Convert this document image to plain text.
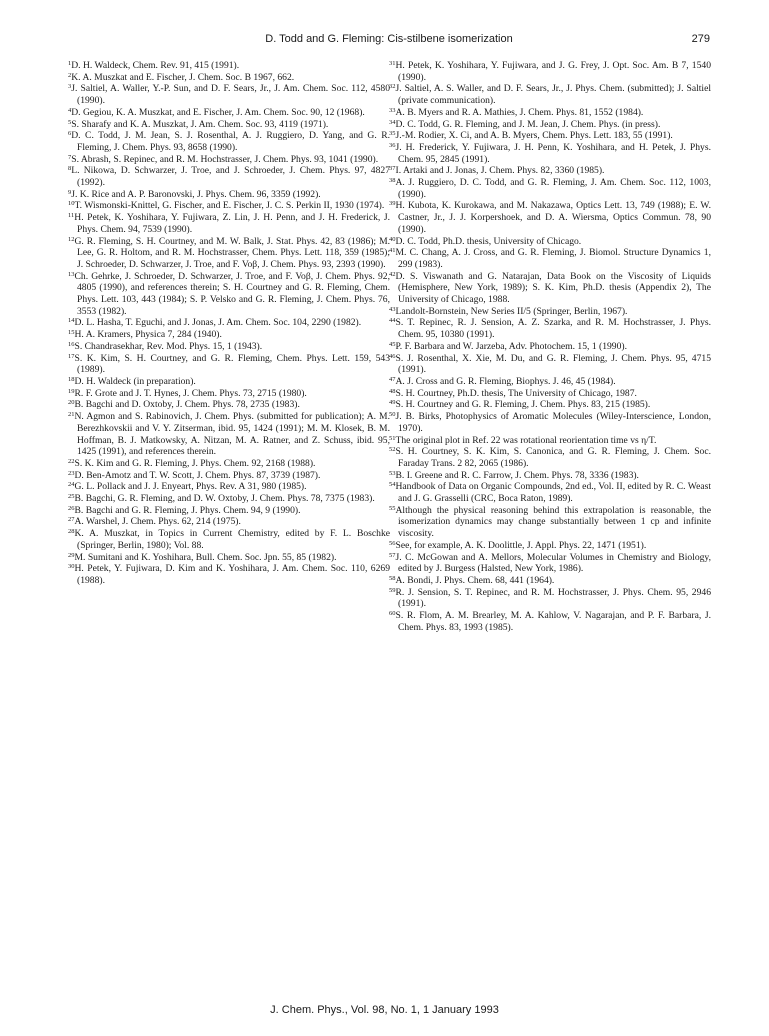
D. Todd and G. Fleming: Cis-stilbene isomerization	279
$^1$D. H. Waldeck, Chem. Rev. 91, 415 (1991).
$^2$K. A. Muszkat and E. Fischer, J. Chem. Soc. B 1967, 662.
$^3$J. Saltiel, A. Waller, Y.-P. Sun, and D. F. Sears, Jr., J. Am. Chem. Soc. 112, 4580 (1990).
$^4$D. Gegiou, K. A. Muszkat, and E. Fischer, J. Am. Chem. Soc. 90, 12 (1968).
$^5$S. Sharafy and K. A. Muszkat, J. Am. Chem. Soc. 93, 4119 (1971).
$^6$D. C. Todd, J. M. Jean, S. J. Rosenthal, A. J. Ruggiero, D. Yang, and G. R. Fleming, J. Chem. Phys. 93, 8658 (1990).
$^7$S. Abrash, S. Repinec, and R. M. Hochstrasser, J. Chem. Phys. 93, 1041 (1990).
$^8$L. Nikowa, D. Schwarzer, J. Troe, and J. Schroeder, J. Chem. Phys. 97, 4827 (1992).
$^9$J. K. Rice and A. P. Baronovski, J. Phys. Chem. 96, 3359 (1992).
$^{10}$T. Wismonski-Knittel, G. Fischer, and E. Fischer, J. C. S. Perkin II, 1930 (1974).
$^{11}$H. Petek, K. Yoshihara, Y. Fujiwara, Z. Lin, J. H. Penn, and J. H. Frederick, J. Phys. Chem. 94, 7539 (1990).
$^{12}$G. R. Fleming, S. H. Courtney, and M. W. Balk, J. Stat. Phys. 42, 83 (1986); M. Lee, G. R. Holtom, and R. M. Hochstrasser, Chem. Phys. Lett. 118, 359 (1985); J. Schroeder, D. Schwarzer, J. Troe, and F. Voβ, J. Chem. Phys. 93, 2393 (1990).
$^{13}$Ch. Gehrke, J. Schroeder, D. Schwarzer, J. Troe, and F. Voβ, J. Chem. Phys. 92, 4805 (1990), and references therein; S. H. Courtney and G. R. Fleming, Chem. Phys. Lett. 103, 443 (1984); S. P. Velsko and G. R. Fleming, J. Chem. Phys. 76, 3553 (1982).
$^{14}$D. L. Hasha, T. Eguchi, and J. Jonas, J. Am. Chem. Soc. 104, 2290 (1982).
$^{15}$H. A. Kramers, Physica 7, 284 (1940).
$^{16}$S. Chandrasekhar, Rev. Mod. Phys. 15, 1 (1943).
$^{17}$S. K. Kim, S. H. Courtney, and G. R. Fleming, Chem. Phys. Lett. 159, 543 (1989).
$^{18}$D. H. Waldeck (in preparation).
$^{19}$R. F. Grote and J. T. Hynes, J. Chem. Phys. 73, 2715 (1980).
$^{20}$B. Bagchi and D. Oxtoby, J. Chem. Phys. 78, 2735 (1983).
$^{21}$N. Agmon and S. Rabinovich, J. Chem. Phys. (submitted for publication); A. M. Berezhkovskii and V. Y. Zitserman, ibid. 95, 1424 (1991); M. M. Klosek, B. M. Hoffman, B. J. Matkowsky, A. Nitzan, M. A. Ratner, and Z. Schuss, ibid. 95, 1425 (1991), and references therein.
$^{22}$S. K. Kim and G. R. Fleming, J. Phys. Chem. 92, 2168 (1988).
$^{23}$D. Ben-Amotz and T. W. Scott, J. Chem. Phys. 87, 3739 (1987).
$^{24}$G. L. Pollack and J. J. Enyeart, Phys. Rev. A 31, 980 (1985).
$^{25}$B. Bagchi, G. R. Fleming, and D. W. Oxtoby, J. Chem. Phys. 78, 7375 (1983).
$^{26}$B. Bagchi and G. R. Fleming, J. Phys. Chem. 94, 9 (1990).
$^{27}$A. Warshel, J. Chem. Phys. 62, 214 (1975).
$^{28}$K. A. Muszkat, in Topics in Current Chemistry, edited by F. L. Boschke (Springer, Berlin, 1980); Vol. 88.
$^{29}$M. Sumitani and K. Yoshihara, Bull. Chem. Soc. Jpn. 55, 85 (1982).
$^{30}$H. Petek, Y. Fujiwara, D. Kim and K. Yoshihara, J. Am. Chem. Soc. 110, 6269 (1988).
$^{31}$H. Petek, K. Yoshihara, Y. Fujiwara, and J. G. Frey, J. Opt. Soc. Am. B 7, 1540 (1990).
$^{32}$J. Saltiel, A. S. Waller, and D. F. Sears, Jr., J. Phys. Chem. (submitted); J. Saltiel (private communication).
$^{33}$A. B. Myers and R. A. Mathies, J. Chem. Phys. 81, 1552 (1984).
$^{34}$D. C. Todd, G. R. Fleming, and J. M. Jean, J. Chem. Phys. (in press).
$^{35}$J.-M. Rodier, X. Ci, and A. B. Myers, Chem. Phys. Lett. 183, 55 (1991).
$^{36}$J. H. Frederick, Y. Fujiwara, J. H. Penn, K. Yoshihara, and H. Petek, J. Phys. Chem. 95, 2845 (1991).
$^{37}$I. Artaki and J. Jonas, J. Chem. Phys. 82, 3360 (1985).
$^{38}$A. J. Ruggiero, D. C. Todd, and G. R. Fleming, J. Am. Chem. Soc. 112, 1003, (1990).
$^{39}$H. Kubota, K. Kurokawa, and M. Nakazawa, Optics Lett. 13, 749 (1988); E. W. Castner, Jr., J. J. Korpershoek, and D. A. Wiersma, Optics Commun. 78, 90 (1990).
$^{40}$D. C. Todd, Ph.D. thesis, University of Chicago.
$^{41}$M. C. Chang, A. J. Cross, and G. R. Fleming, J. Biomol. Structure Dynamics 1, 299 (1983).
$^{42}$D. S. Viswanath and G. Natarajan, Data Book on the Viscosity of Liquids (Hemisphere, New York, 1989); S. K. Kim, Ph.D. thesis (Appendix 2), The University of Chicago, 1988.
$^{43}$Landolt-Bornstein, New Series II/5 (Springer, Berlin, 1967).
$^{44}$S. T. Repinec, R. J. Sension, A. Z. Szarka, and R. M. Hochstrasser, J. Phys. Chem. 95, 10380 (1991).
$^{45}$P. F. Barbara and W. Jarzeba, Adv. Photochem. 15, 1 (1990).
$^{46}$S. J. Rosenthal, X. Xie, M. Du, and G. R. Fleming, J. Chem. Phys. 95, 4715 (1991).
$^{47}$A. J. Cross and G. R. Fleming, Biophys. J. 46, 45 (1984).
$^{48}$S. H. Courtney, Ph.D. thesis, The University of Chicago, 1987.
$^{49}$S. H. Courtney and G. R. Fleming, J. Chem. Phys. 83, 215 (1985).
$^{50}$J. B. Birks, Photophysics of Aromatic Molecules (Wiley-Interscience, London, 1970).
$^{51}$The original plot in Ref. 22 was rotational reorientation time vs η/T.
$^{52}$S. H. Courtney, S. K. Kim, S. Canonica, and G. R. Fleming, J. Chem. Soc. Faraday Trans. 2 82, 2065 (1986).
$^{53}$B. I. Greene and R. C. Farrow, J. Chem. Phys. 78, 3336 (1983).
$^{54}$Handbook of Data on Organic Compounds, 2nd ed., Vol. II, edited by R. C. Weast and J. G. Grasselli (CRC, Boca Raton, 1989).
$^{55}$Although the physical reasoning behind this extrapolation is reasonable, the isomerization dynamics may change substantially between 1 cp and infinite viscosity.
$^{56}$See, for example, A. K. Doolittle, J. Appl. Phys. 22, 1471 (1951).
$^{57}$J. C. McGowan and A. Mellors, Molecular Volumes in Chemistry and Biology, edited by J. Burgess (Halsted, New York, 1986).
$^{58}$A. Bondi, J. Phys. Chem. 68, 441 (1964).
$^{59}$R. J. Sension, S. T. Repinec, and R. M. Hochstrasser, J. Phys. Chem. 95, 2946 (1991).
$^{60}$S. R. Flom, A. M. Brearley, M. A. Kahlow, V. Nagarajan, and P. F. Barbara, J. Chem. Phys. 83, 1993 (1985).
J. Chem. Phys., Vol. 98, No. 1, 1 January 1993
